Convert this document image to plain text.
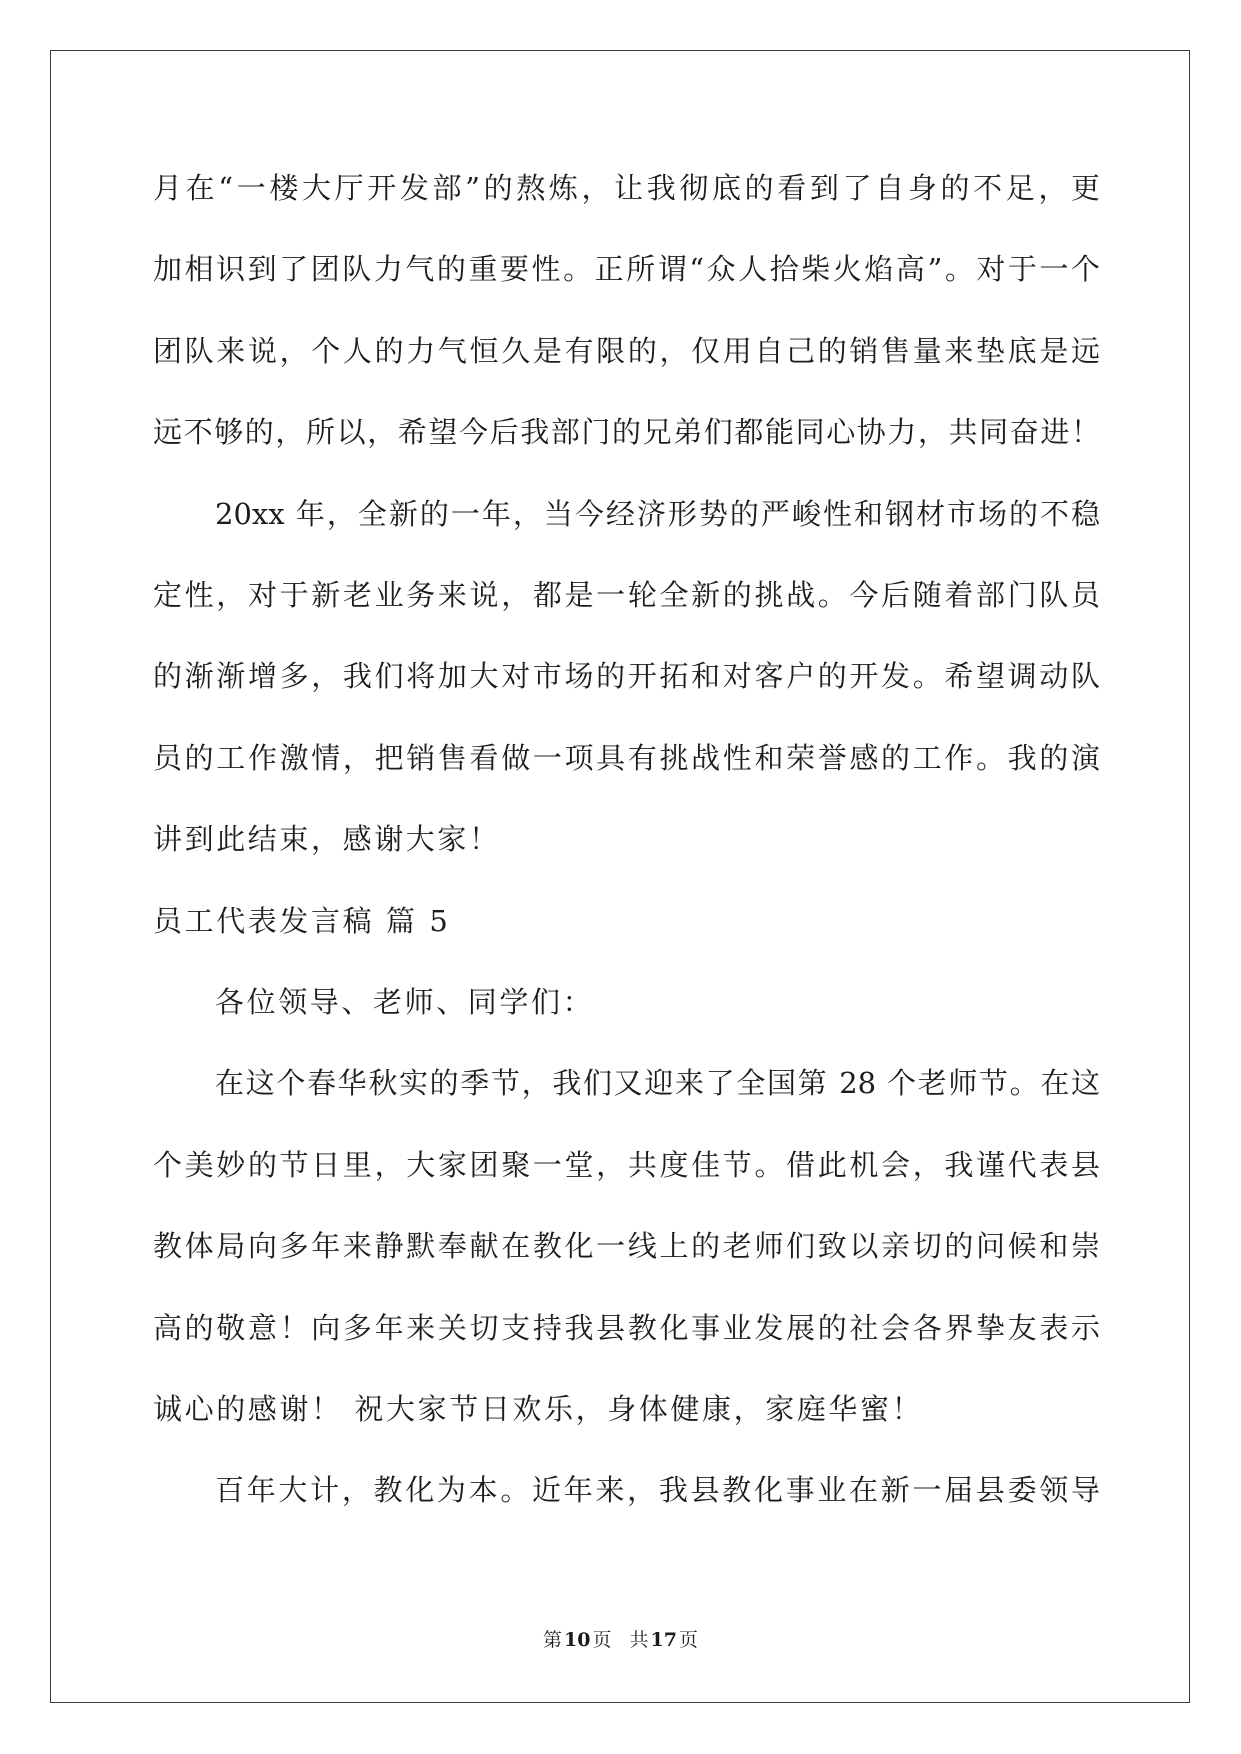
月在“一楼大厅开发部”的熬炼，让我彻底的看到了自身的不足，更
加相识到了团队力气的重要性。正所谓“众人拾柴火焰高”。对于一个
团队来说，个人的力气恒久是有限的，仅用自己的销售量来垫底是远
远不够的，所以，希望今后我部门的兄弟们都能同心协力，共同奋进！
20xx 年，全新的一年，当今经济形势的严峻性和钢材市场的不稳
定性，对于新老业务来说，都是一轮全新的挑战。今后随着部门队员
的渐渐增多，我们将加大对市场的开拓和对客户的开发。希望调动队
员的工作激情，把销售看做一项具有挑战性和荣誉感的工作。我的演
讲到此结束，感谢大家！
员工代表发言稿 篇 5
各位领导、老师、同学们：
在这个春华秋实的季节，我们又迎来了全国第 28 个老师节。在这
个美妙的节日里，大家团聚一堂，共度佳节。借此机会，我谨代表县
教体局向多年来静默奉献在教化一线上的老师们致以亲切的问候和崇
高的敬意！向多年来关切支持我县教化事业发展的社会各界挚友表示
诚心的感谢！ 祝大家节日欢乐，身体健康，家庭华蜜！
百年大计，教化为本。近年来，我县教化事业在新一届县委领导
第 10 页 共 17 页
